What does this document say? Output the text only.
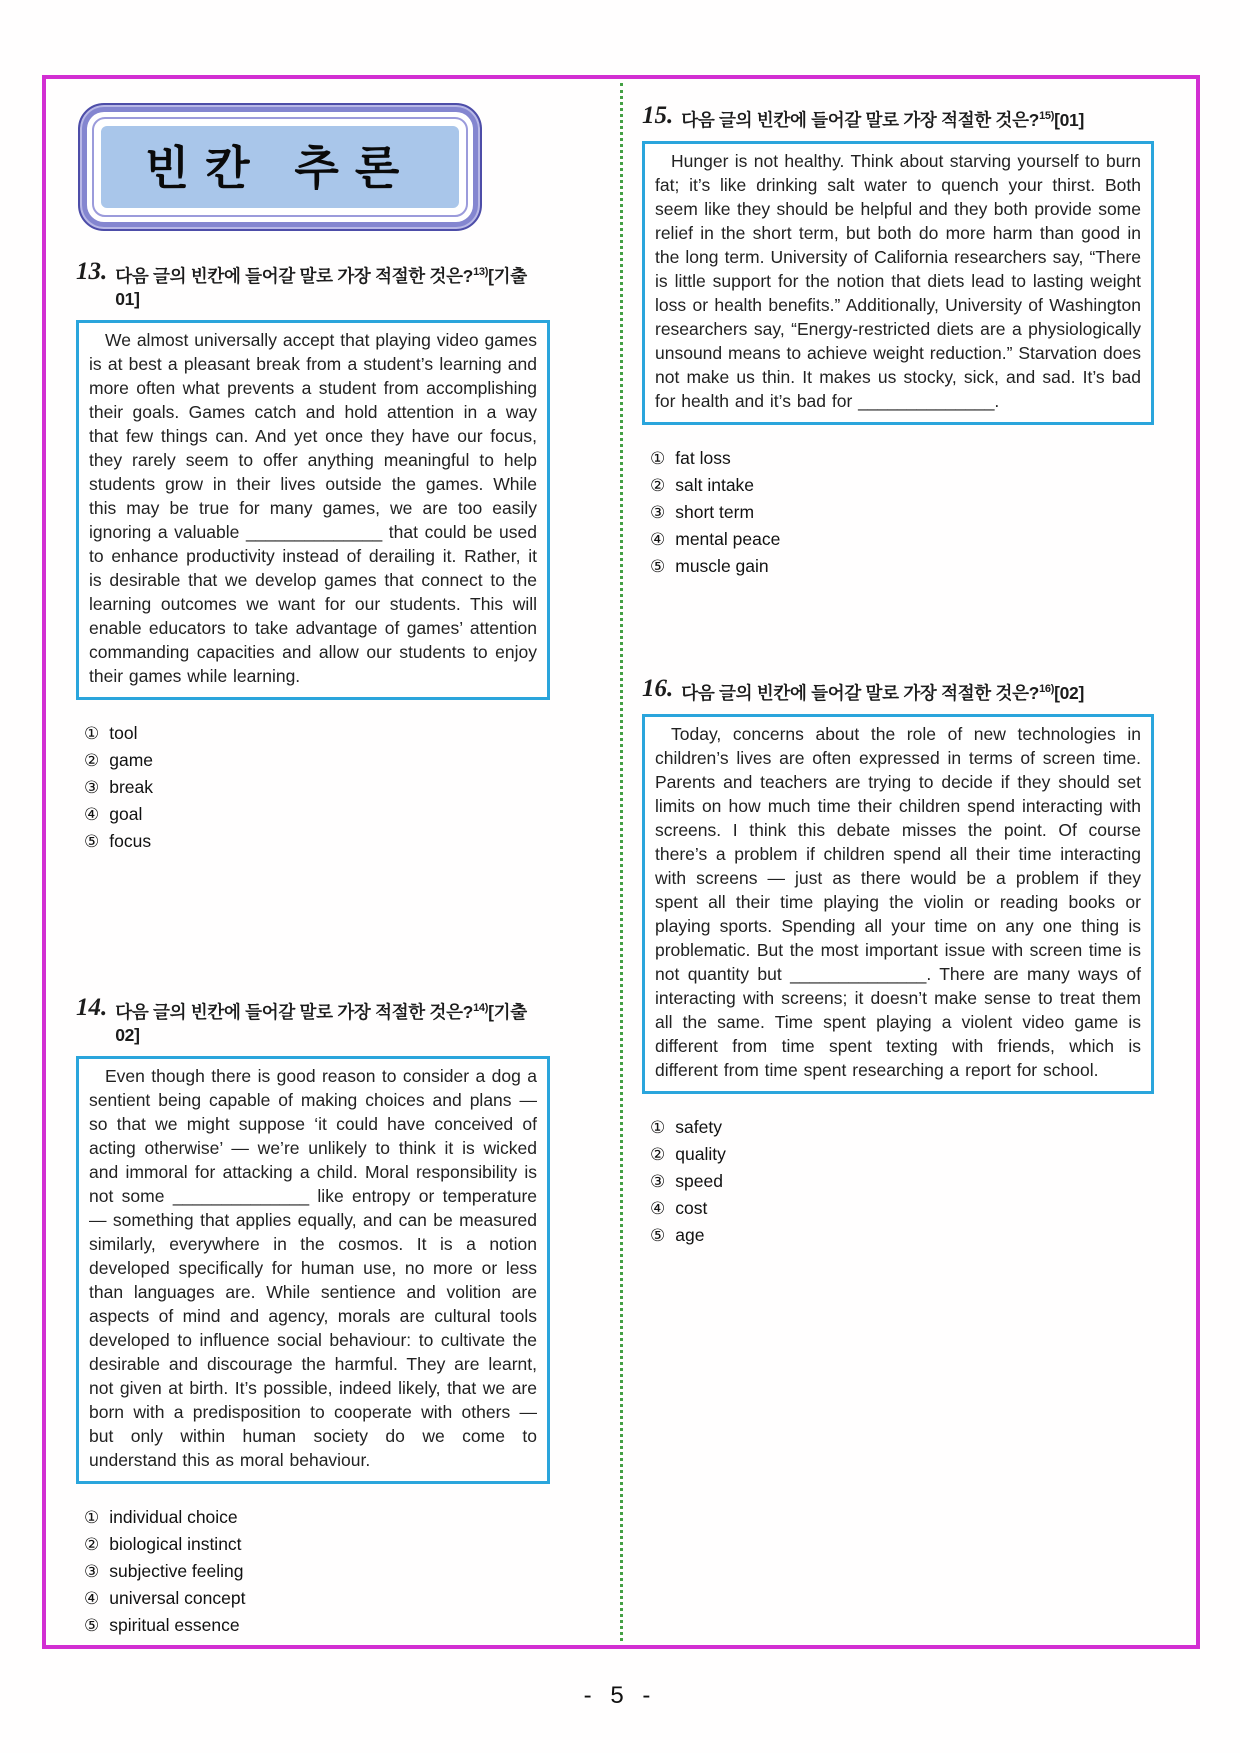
빈칸 추론
13. 다음 글의 빈칸에 들어갈 말로 가장 적절한 것은?$^{13)}$[기출 01]

We almost universally accept that playing video games is at best a pleasant break from a student’s learning and more often what prevents a student from accomplishing their goals. Games catch and hold attention in a way that few things can. And yet once they have our focus, they rarely seem to offer anything meaningful to help students grow in their lives outside the games. While this may be true for many games, we are too easily ignoring a valuable ______________ that could be used to enhance productivity instead of derailing it. Rather, it is desirable that we develop games that connect to the learning outcomes we want for our students. This will enable educators to take advantage of games’ attention commanding capacities and allow our students to enjoy their games while learning.

① tool
② game
③ break
④ goal
⑤ focus
14. 다음 글의 빈칸에 들어갈 말로 가장 적절한 것은?$^{14)}$[기출 02]

Even though there is good reason to consider a dog a sentient being capable of making choices and plans — so that we might suppose ‘it could have conceived of acting otherwise’ — we’re unlikely to think it is wicked and immoral for attacking a child. Moral responsibility is not some ______________ like entropy or temperature — something that applies equally, and can be measured similarly, everywhere in the cosmos. It is a notion developed specifically for human use, no more or less than languages are. While sentience and volition are aspects of mind and agency, morals are cultural tools developed to influence social behaviour: to cultivate the desirable and discourage the harmful. They are learnt, not given at birth. It’s possible, indeed likely, that we are born with a predisposition to cooperate with others — but only within human society do we come to understand this as moral behaviour.

① individual choice
② biological instinct
③ subjective feeling
④ universal concept
⑤ spiritual essence
15. 다음 글의 빈칸에 들어갈 말로 가장 적절한 것은?$^{15)}$[01]

Hunger is not healthy. Think about starving yourself to burn fat; it’s like drinking salt water to quench your thirst. Both seem like they should be helpful and they both provide some relief in the short term, but both do more harm than good in the long term. University of California researchers say, “There is little support for the notion that diets lead to lasting weight loss or health benefits.” Additionally, University of Washington researchers say, “Energy-restricted diets are a physiologically unsound means to achieve weight reduction.” Starvation does not make us thin. It makes us stocky, sick, and sad. It’s bad for health and it’s bad for ______________.

① fat loss
② salt intake
③ short term
④ mental peace
⑤ muscle gain
16. 다음 글의 빈칸에 들어갈 말로 가장 적절한 것은?$^{16)}$[02]

Today, concerns about the role of new technologies in children’s lives are often expressed in terms of screen time. Parents and teachers are trying to decide if they should set limits on how much time their children spend interacting with screens. I think this debate misses the point. Of course there’s a problem if children spend all their time interacting with screens — just as there would be a problem if they spent all their time playing the violin or reading books or playing sports. Spending all your time on any one thing is problematic. But the most important issue with screen time is not quantity but ______________. There are many ways of interacting with screens; it doesn’t make sense to treat them all the same. Time spent playing a violent video game is different from time spent texting with friends, which is different from time spent researching a report for school.

① safety
② quality
③ speed
④ cost
⑤ age
- 5 -
